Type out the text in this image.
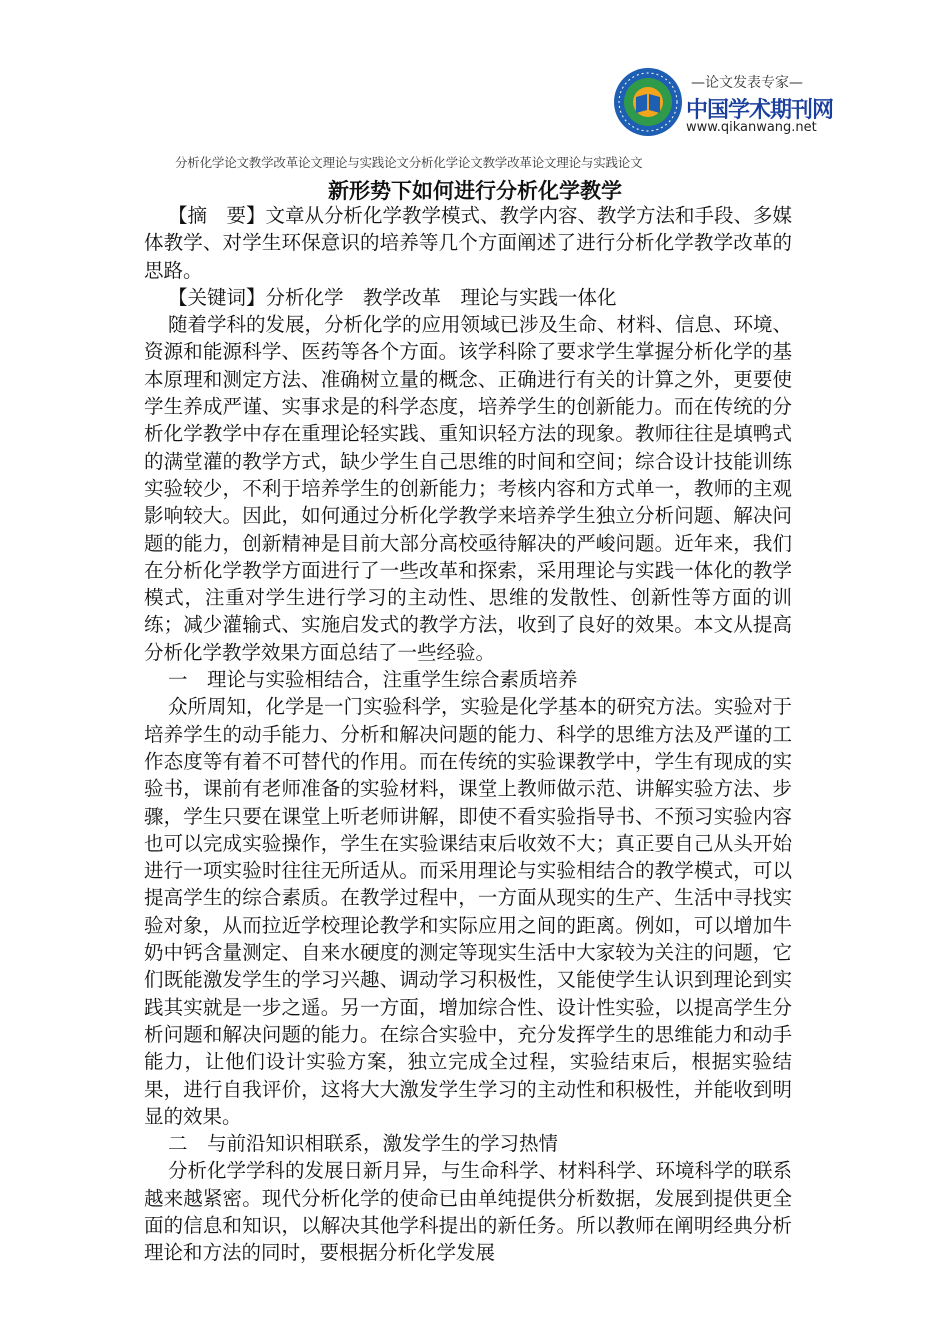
—论文发表专家—
中国学术期刊网
www.qikanwang.net
分析化学论文教学改革论文理论与实践论文分析化学论文教学改革论文理论与实践论文
新形势下如何进行分析化学教学

【摘　要】文章从分析化学教学模式、教学内容、教学方法和手段、多媒体教学、对学生环保意识的培养等几个方面阐述了进行分析化学教学改革的思路。

【关键词】分析化学　教学改革　理论与实践一体化

随着学科的发展，分析化学的应用领域已涉及生命、材料、信息、环境、资源和能源科学、医药等各个方面。该学科除了要求学生掌握分析化学的基本原理和测定方法、准确树立量的概念、正确进行有关的计算之外，更要使学生养成严谨、实事求是的科学态度，培养学生的创新能力。而在传统的分析化学教学中存在重理论轻实践、重知识轻方法的现象。教师往往是填鸭式的满堂灌的教学方式，缺少学生自己思维的时间和空间；综合设计技能训练实验较少，不利于培养学生的创新能力；考核内容和方式单一，教师的主观影响较大。因此，如何通过分析化学教学来培养学生独立分析问题、解决问题的能力，创新精神是目前大部分高校亟待解决的严峻问题。近年来，我们在分析化学教学方面进行了一些改革和探索，采用理论与实践一体化的教学模式，注重对学生进行学习的主动性、思维的发散性、创新性等方面的训练；减少灌输式、实施启发式的教学方法，收到了良好的效果。本文从提高分析化学教学效果方面总结了一些经验。

一　理论与实验相结合，注重学生综合素质培养

众所周知，化学是一门实验科学，实验是化学基本的研究方法。实验对于培养学生的动手能力、分析和解决问题的能力、科学的思维方法及严谨的工作态度等有着不可替代的作用。而在传统的实验课教学中，学生有现成的实验书，课前有老师准备的实验材料，课堂上教师做示范、讲解实验方法、步骤，学生只要在课堂上听老师讲解，即使不看实验指导书、不预习实验内容也可以完成实验操作，学生在实验课结束后收效不大；真正要自己从头开始进行一项实验时往往无所适从。而采用理论与实验相结合的教学模式，可以提高学生的综合素质。在教学过程中，一方面从现实的生产、生活中寻找实验对象，从而拉近学校理论教学和实际应用之间的距离。例如，可以增加牛奶中钙含量测定、自来水硬度的测定等现实生活中大家较为关注的问题，它们既能激发学生的学习兴趣、调动学习积极性，又能使学生认识到理论到实践其实就是一步之遥。另一方面，增加综合性、设计性实验，以提高学生分析问题和解决问题的能力。在综合实验中，充分发挥学生的思维能力和动手能力，让他们设计实验方案，独立完成全过程，实验结束后，根据实验结果，进行自我评价，这将大大激发学生学习的主动性和积极性，并能收到明显的效果。

二　与前沿知识相联系，激发学生的学习热情

分析化学学科的发展日新月异，与生命科学、材料科学、环境科学的联系越来越紧密。现代分析化学的使命已由单纯提供分析数据，发展到提供更全面的信息和知识，以解决其他学科提出的新任务。所以教师在阐明经典分析理论和方法的同时，要根据分析化学发展
